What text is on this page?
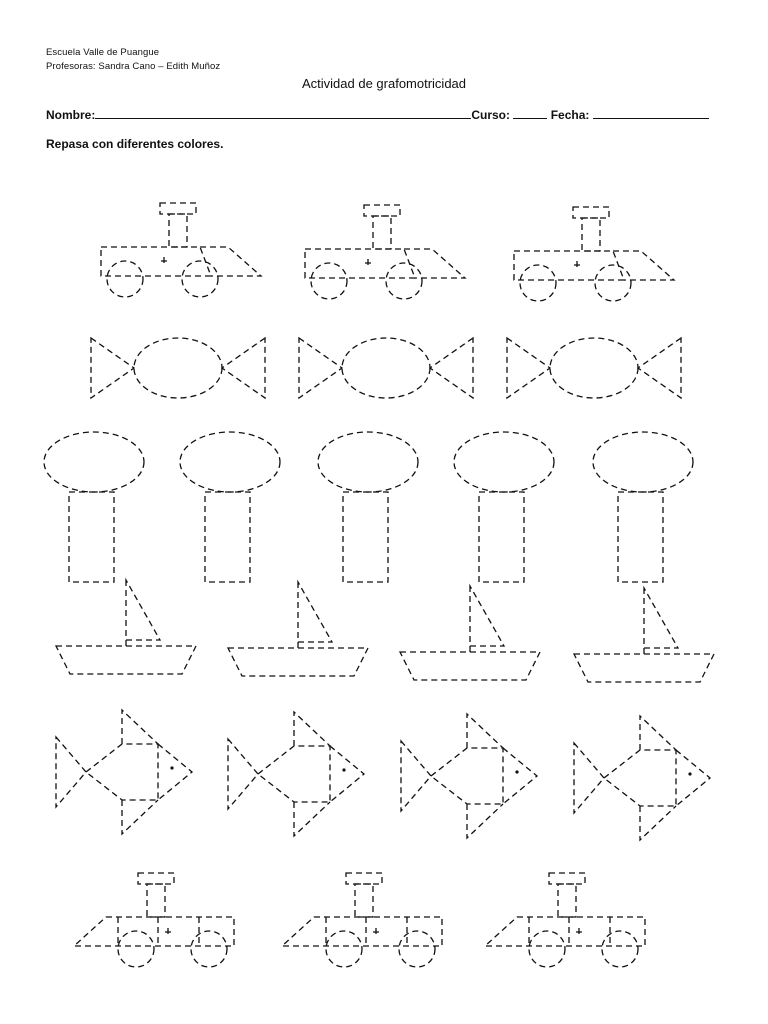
Escuela Valle de Puangue
Profesoras: Sandra Cano – Edith Muñoz
Actividad de grafomotricidad
Nombre:	Curso:	Fecha:
Repasa con diferentes colores.
